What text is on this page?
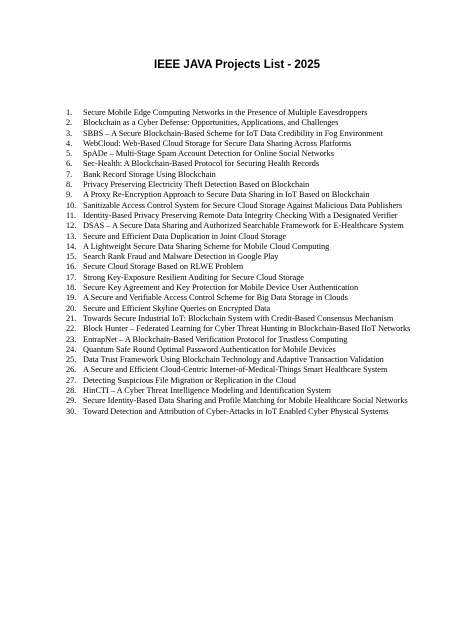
IEEE JAVA Projects List - 2025
1.	Secure Mobile Edge Computing Networks in the Presence of Multiple Eavesdroppers
2.	Blockchain as a Cyber Defense: Opportunities, Applications, and Challenges
3.	SBBS – A Secure Blockchain-Based Scheme for IoT Data Credibility in Fog Environment
4.	WebCloud: Web-Based Cloud Storage for Secure Data Sharing Across Platforms
5.	SpADe – Multi-Stage Spam Account Detection for Online Social Networks
6.	Sec-Health: A Blockchain-Based Protocol for Securing Health Records
7.	Bank Record Storage Using Blockchain
8.	Privacy Preserving Electricity Theft Detection Based on Blockchain
9.	A Proxy Re-Encryption Approach to Secure Data Sharing in IoT Based on Blockchain
10. Sanitizable Access Control System for Secure Cloud Storage Against Malicious Data Publishers
11. Identity-Based Privacy Preserving Remote Data Integrity Checking With a Designated Verifier
12. DSAS – A Secure Data Sharing and Authorized Searchable Framework for E-Healthcare System
13. Secure and Efficient Data Duplication in Joint Cloud Storage
14. A Lightweight Secure Data Sharing Scheme for Mobile Cloud Computing
15. Search Rank Fraud and Malware Detection in Google Play
16. Secure Cloud Storage Based on RLWE Problem
17. Strong Key-Exposure Resilient Auditing for Secure Cloud Storage
18. Secure Key Agreement and Key Protection for Mobile Device User Authentication
19. A Secure and Verifiable Access Control Scheme for Big Data Storage in Clouds
20. Secure and Efficient Skyline Queries on Encrypted Data
21. Towards Secure Industrial IoT: Blockchain System with Credit-Based Consensus Mechanism
22. Block Hunter – Federated Learning for Cyber Threat Hunting in Blockchain-Based IIoT Networks
23. EntrapNet – A Blockchain-Based Verification Protocol for Trustless Computing
24. Quantum Safe Round Optimal Password Authentication for Mobile Devices
25. Data Trust Framework Using Blockchain Technology and Adaptive Transaction Validation
26. A Secure and Efficient Cloud-Centric Internet-of-Medical-Things Smart Healthcare System
27. Detecting Suspicious File Migration or Replication in the Cloud
28. HinCTI – A Cyber Threat Intelligence Modeling and Identification System
29. Secure Identity-Based Data Sharing and Profile Matching for Mobile Healthcare Social Networks
30. Toward Detection and Attribution of Cyber-Attacks in IoT Enabled Cyber Physical Systems
